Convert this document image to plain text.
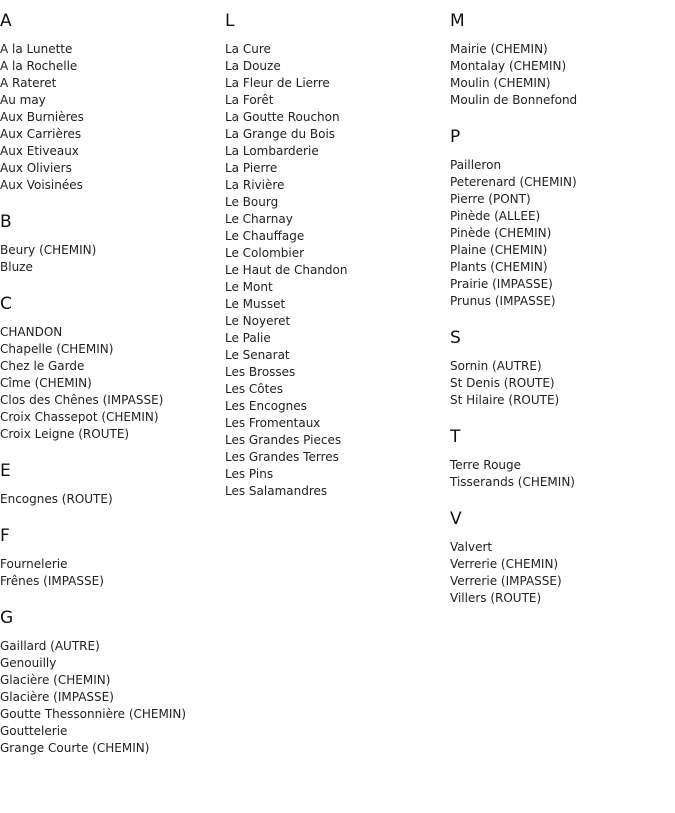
A
A la Lunette
A la Rochelle
A Rateret
Au may
Aux Burnières
Aux Carrières
Aux Etiveaux
Aux Oliviers
Aux Voisinées
B
Beury (CHEMIN)
Bluze
C
CHANDON
Chapelle (CHEMIN)
Chez le Garde
Cîme (CHEMIN)
Clos des Chênes (IMPASSE)
Croix Chassepot (CHEMIN)
Croix Leigne (ROUTE)
E
Encognes (ROUTE)
F
Fournelerie
Frênes (IMPASSE)
G
Gaillard (AUTRE)
Genouilly
Glacière (CHEMIN)
Glacière (IMPASSE)
Goutte Thessonnière (CHEMIN)
Gouttelerie
Grange Courte (CHEMIN)
L
La Cure
La Douze
La Fleur de Lierre
La Forêt
La Goutte Rouchon
La Grange du Bois
La Lombarderie
La Pierre
La Rivière
Le Bourg
Le Charnay
Le Chauffage
Le Colombier
Le Haut de Chandon
Le Mont
Le Musset
Le Noyeret
Le Palie
Le Senarat
Les Brosses
Les Côtes
Les Encognes
Les Fromentaux
Les Grandes Pieces
Les Grandes Terres
Les Pins
Les Salamandres
M
Mairie (CHEMIN)
Montalay (CHEMIN)
Moulin (CHEMIN)
Moulin de Bonnefond
P
Pailleron
Peterenard (CHEMIN)
Pierre (PONT)
Pinède (ALLEE)
Pinède (CHEMIN)
Plaine (CHEMIN)
Plants (CHEMIN)
Prairie (IMPASSE)
Prunus (IMPASSE)
S
Sornin (AUTRE)
St Denis (ROUTE)
St Hilaire (ROUTE)
T
Terre Rouge
Tisserands (CHEMIN)
V
Valvert
Verrerie (CHEMIN)
Verrerie (IMPASSE)
Villers (ROUTE)
